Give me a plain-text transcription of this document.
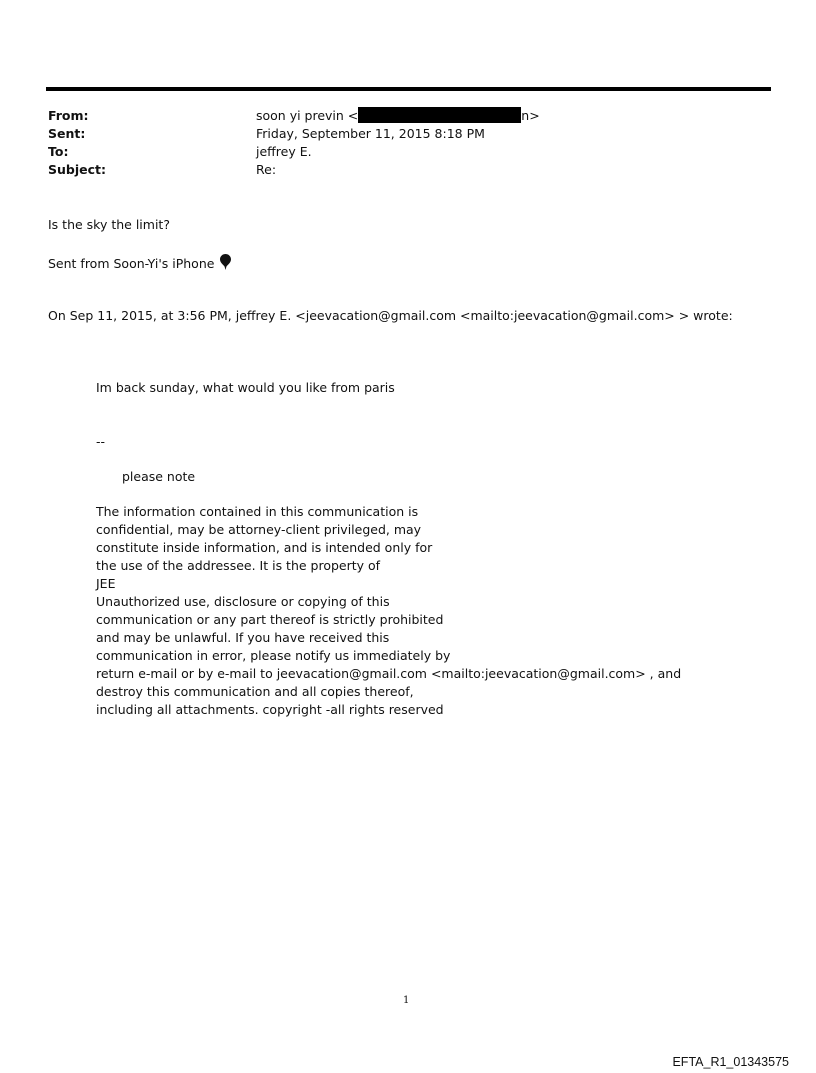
From:	soon yi previn <	n>
Sent:	Friday, September 11, 2015 8:18 PM
To:	jeffrey E.
Subject:	Re:
Is the sky the limit?
Sent from Soon-Yi's iPhone
On Sep 11, 2015, at 3:56 PM, jeffrey E. <jeevacation@gmail.com <mailto:jeevacation@gmail.com> > wrote:
Im back sunday, what would you like from paris
--
please note
The information contained in this communication is
confidential, may be attorney-client privileged, may
constitute inside information, and is intended only for
the use of the addressee. It is the property of
JEE
Unauthorized use, disclosure or copying of this
communication or any part thereof is strictly prohibited
and may be unlawful. If you have received this
communication in error, please notify us immediately by
return e-mail or by e-mail to jeevacation@gmail.com <mailto:jeevacation@gmail.com> , and
destroy this communication and all copies thereof,
including all attachments. copyright -all rights reserved
1
EFTA_R1_01343575
